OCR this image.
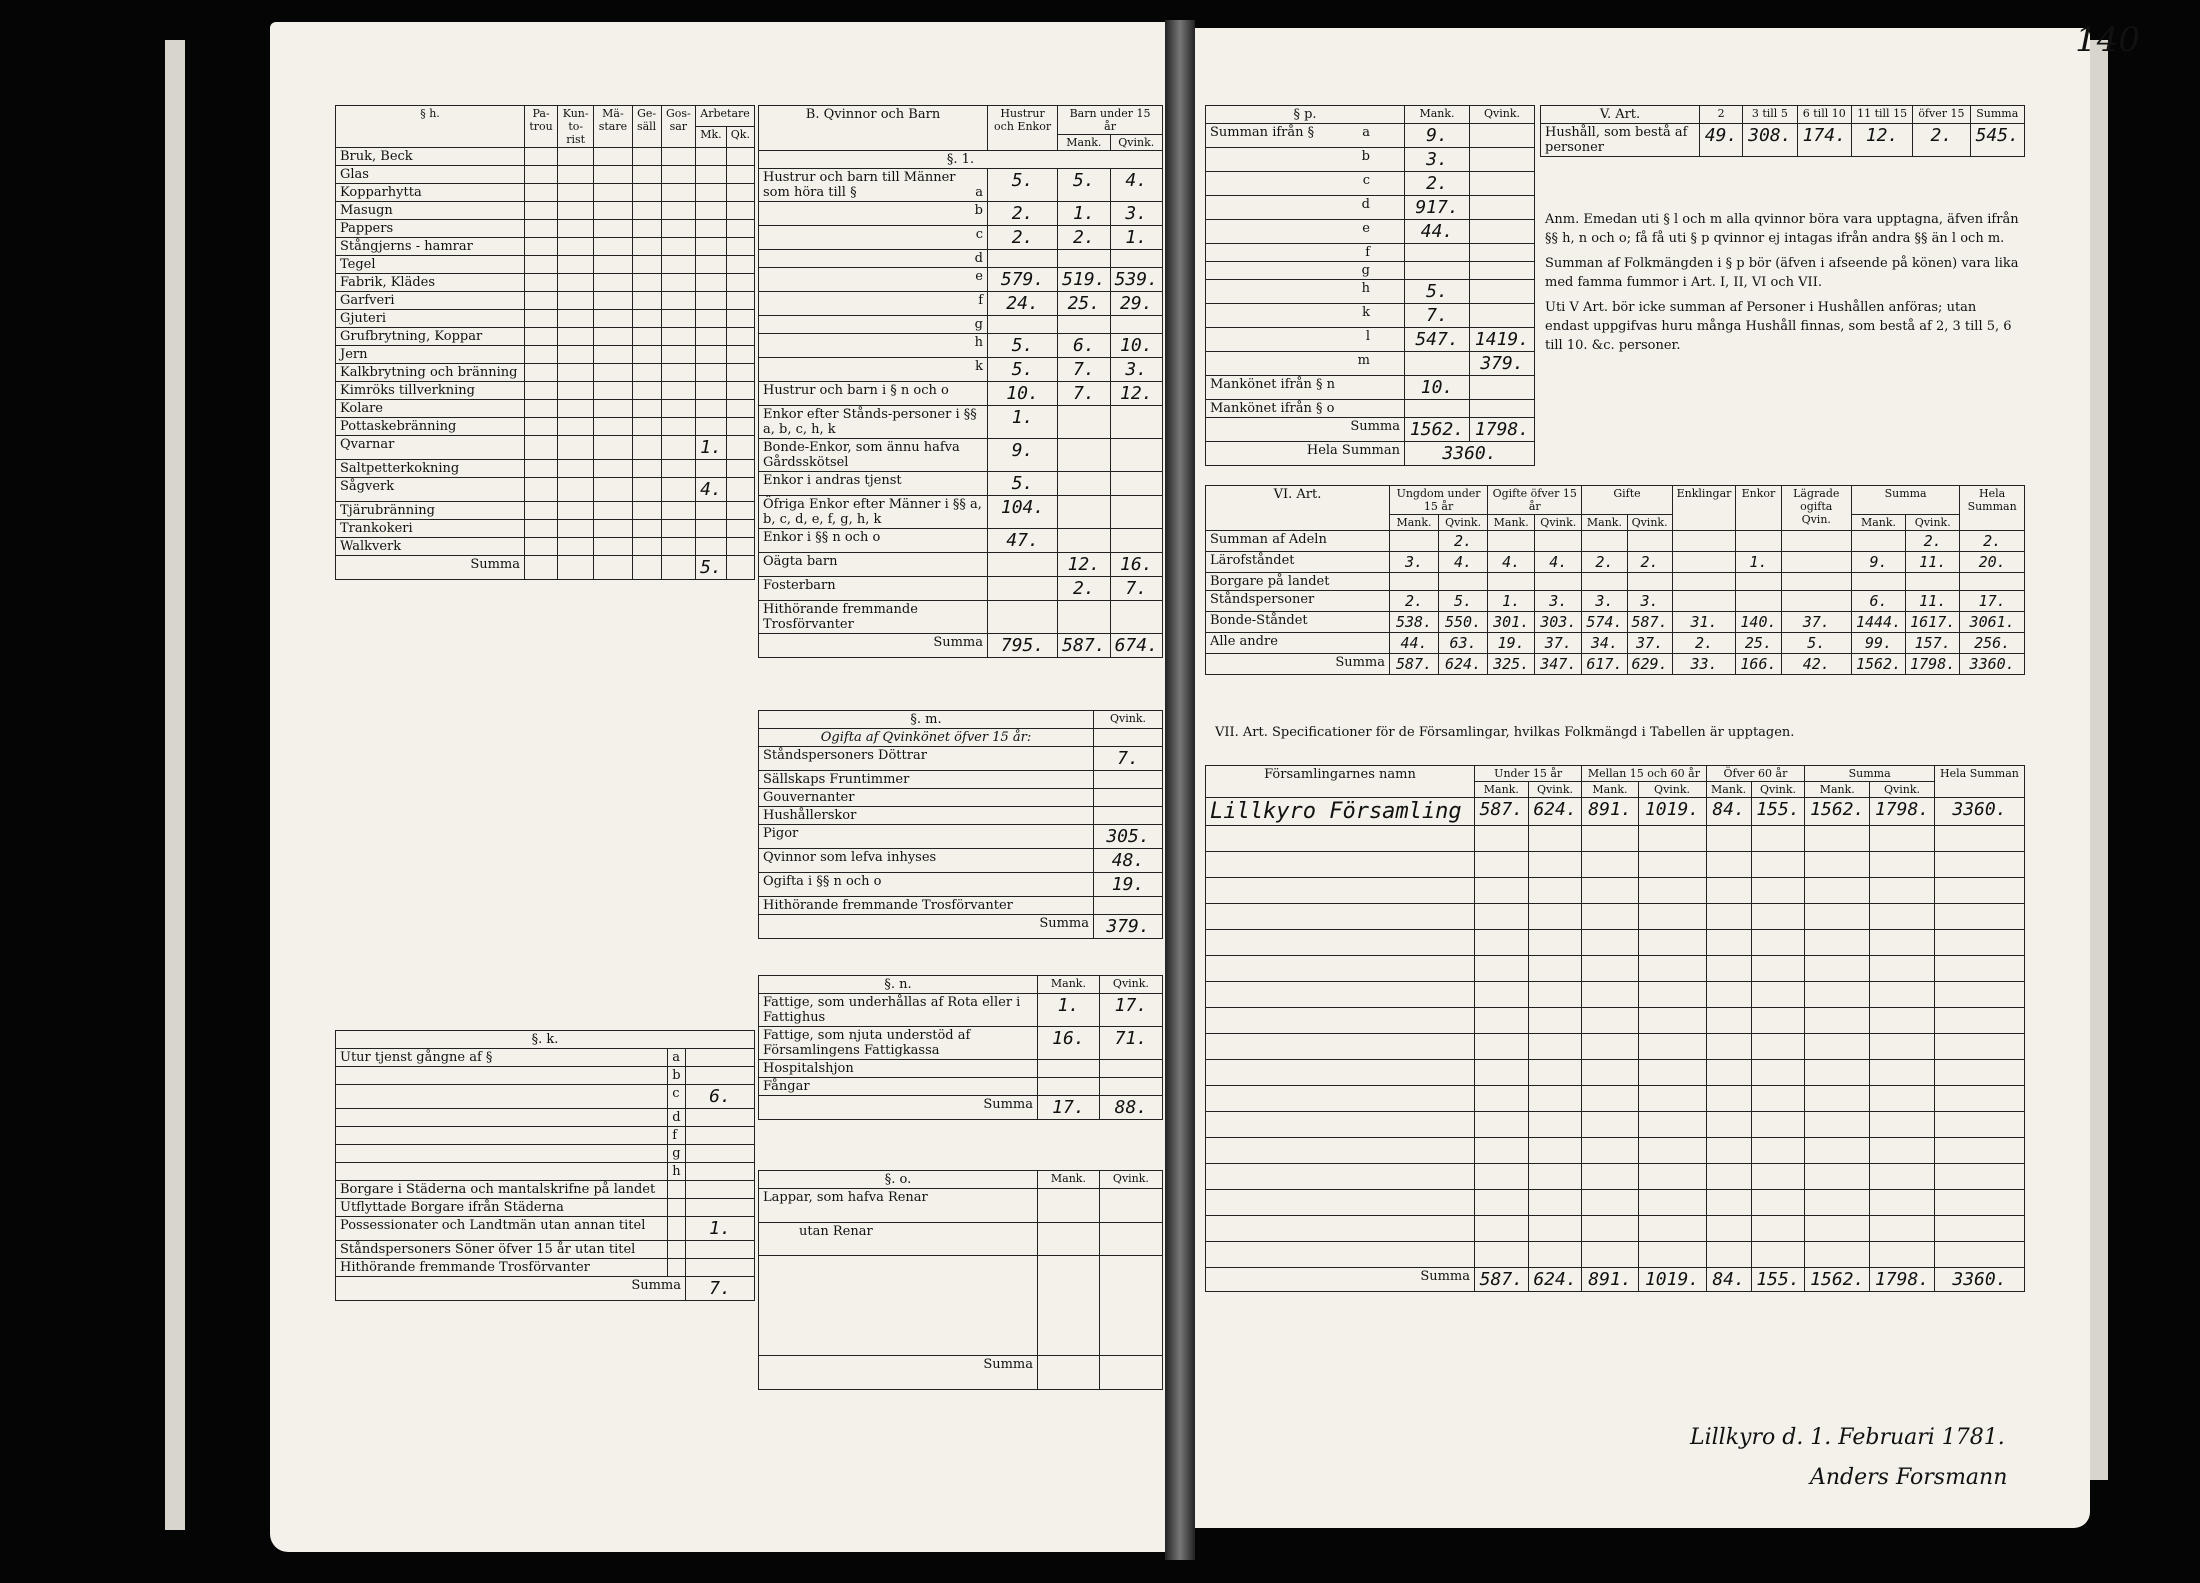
140
§ h.	Pa-trou	Kun-to-rist	Mä-stare	Ge-säll	Gos-sar	Arbetare	
						Mk.	Qk.
Bruk, Beck							
Glas							
Kopparhytta							
Masugn							
Pappers							
Stångjerns - hamrar							
Tegel							
Fabrik, Klädes							
Garfveri							
Gjuteri							
Grufbrytning, Koppar							
Jern							
Kalkbrytning och bränning							
Kimröks tillverkning							
Kolare							
Pottaskebränning							
Qvarnar						1.	
Saltpetterkokning							
Sågverk						4.	
Tjärubränning							
Trankokeri							
Walkverk							
Summa						5.	
§. k.		
Utur tjenst gångne af §	a	
	b	
	c	6.
	d	
	f	
	g	
	h	
Borgare i Städerna och mantalskrifne på landet		
Utflyttade Borgare ifrån Städerna		
Possessionater och Landtmän utan annan titel		1.
Ståndspersoners Söner öfver 15 år utan titel		
Hithörande fremmande Trosförvanter		
Summa		7.
B. Qvinnor och Barn	Hustrur och Enkor	Barn under 15 år	
		Mank.	Qvink.
§. 1.			
Hustrur och barn till Männer som höra till § a	5.	5.	4.

b	2.	1.	3.

c	2.	2.	1.

d			

e	579.	519.	539.

f	24.	25.	29.

g			

h	5.	6.	10.

k	5.	7.	3.
Hustrur och barn i § n och o	10.	7.	12.
Enkor efter Stånds-personer i §§ a, b, c, h, k	1.		
Bonde-Enkor, som ännu hafva Gårdsskötsel	9.		
Enkor i andras tjenst	5.		
Öfriga Enkor efter Männer i §§ a, b, c, d, e, f, g, h, k	104.		
Enkor i §§ n och o	47.		
Oägta barn		12.	16.
Fosterbarn		2.	7.
Hithörande fremmande Trosförvanter

Summa	795.	587.	674.
§. m.	Qvink.
Ogifta af Qvinkönet öfver 15 år:	
Ståndspersoners Döttrar	7.
Sällskaps Fruntimmer	
Gouvernanter	
Hushållerskor	
Pigor	305.
Qvinnor som lefva inhyses	48.
Ogifta i §§ n och o	19.
Hithörande fremmande Trosförvanter	
Summa	379.
§. n.	Mank.	Qvink.
Fattige, som underhållas af Rota eller i Fattighus	1.	17.
Fattige, som njuta understöd af Församlingens Fattigkassa	16.	71.
Hospitalshjon		
Fångar		
Summa	17.	88.
§. o.	Mank.	Qvink.
Lappar, som hafva Renar		
utan Renar		

Summa		
§ p.	Mank.	Qvink.
Summan ifrån § a	9.	

b	3.	

c	2.	

d	917.	

e	44.	

f		

g		

h	5.	

k	7.	

l	547.	1419.

m		379.
Mankönet ifrån § n	10.	
Mankönet ifrån § o		
Summa	1562.	1798.
Hela Summan	3360.	
V. Art.	2	3 till 5	6 till 10	11 till 15	öfver 15	Summa
Hushåll, som bestå af personer	49.	308.	174.	12.	2.	545.

Anm. Emedan uti § l och m alla qvinnor böra vara upptagna, äfven ifrån §§ h, n och o; få få uti § p qvinnor ej intagas ifrån andra §§ än l och m.

Summan af Folkmängden i § p bör (äfven i afseende på könen) vara lika med famma fummor i Art. I, II, VI och VII.

Uti V Art. bör icke summan af Personer i Hushållen anföras; utan endast uppgifvas huru många Hushåll finnas, som bestå af 2, 3 till 5, 6 till 10. &c. personer.

VI. Art.	Ungdom under 15 år		Ogifte öfver 15 år		Gifte		Enklingar	Enkor	Lägrade ogifta Qvin.	Summa		Hela Summan
	Mank.	Qvink.	Mank.	Qvink.	Mank.	Qvink.				Mank.	Qvink.	
Summan af Adeln		2.									2.	2.
Lärofståndet	3.	4.	4.	4.	2.	2.		1.		9.	11.	20.
Borgare på landet												
Ståndspersoner	2.	5.	1.	3.	3.	3.				6.	11.	17.
Bonde-Ståndet	538.	550.	301.	303.	574.	587.	31.	140.	37.	1444.	1617.	3061.
Alle andre	44.	63.	19.	37.	34.	37.	2.	25.	5.	99.	157.	256.
Summa	587.	624.	325.	347.	617.	629.	33.	166.	42.	1562.	1798.	3360.
VII. Art. Specificationer för de Församlingar, hvilkas Folkmängd i Tabellen är upptagen.
Församlingarnes namn	Under 15 år		Mellan 15 och 60 år		Öfver 60 år		Summa		Hela Summan
	Mank.	Qvink.	Mank.	Qvink.	Mank.	Qvink.	Mank.	Qvink.	
Lillkyro Församling	587.	624.	891.	1019.	84.	155.	1562.	1798.	3360.

Summa	587.	624.	891.	1019.	84.	155.	1562.	1798.	3360.
Lillkyro d. 1. Februari 1781.
Anders Forsmann
